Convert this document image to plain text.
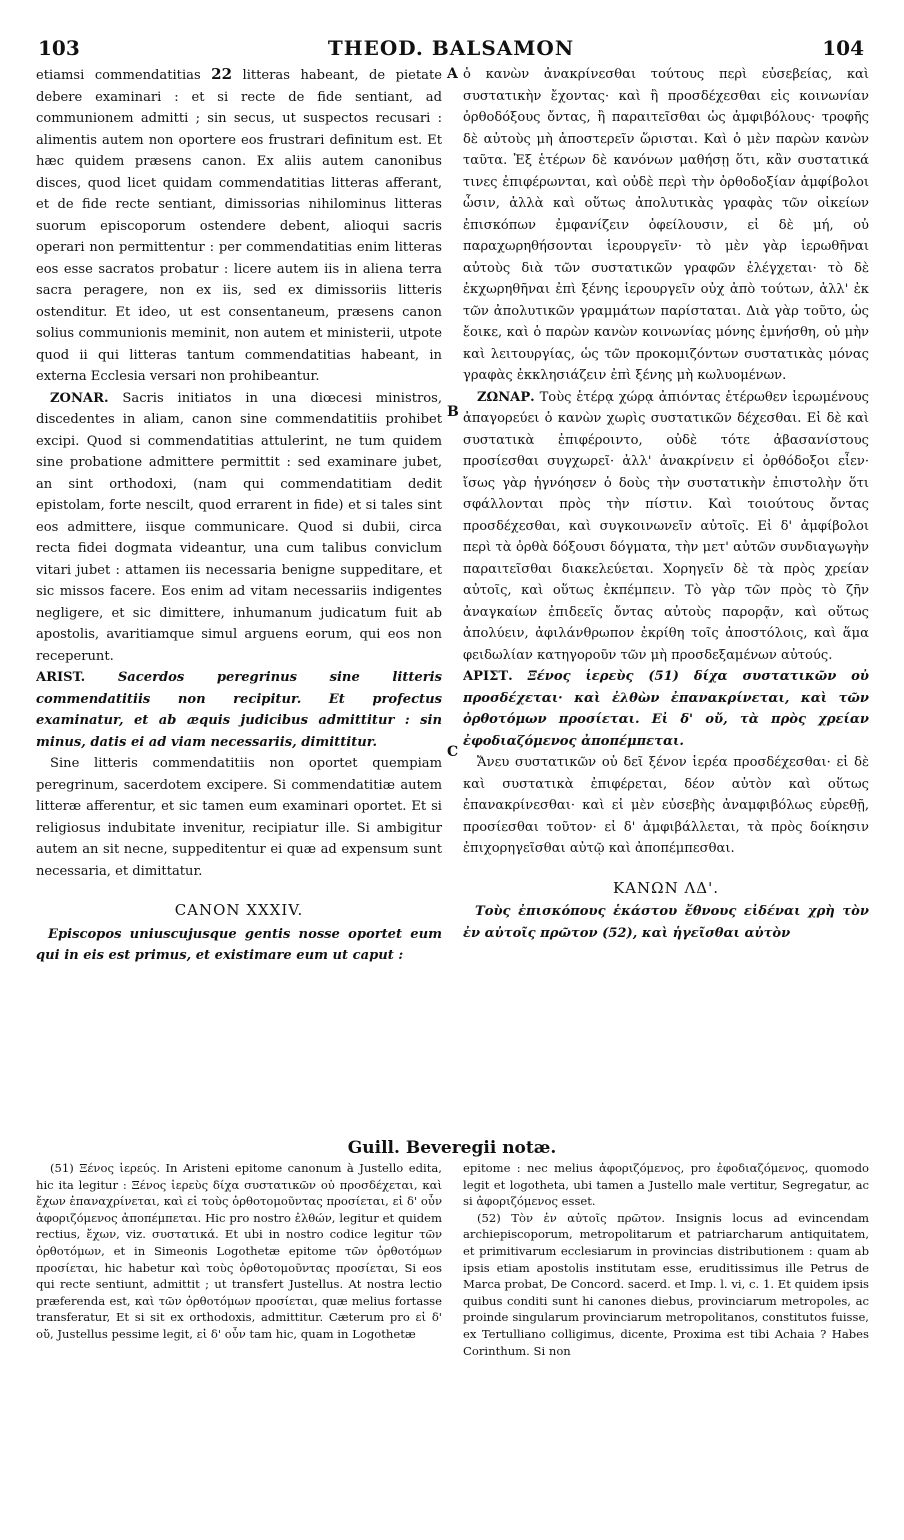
103	THEOD. BALSAMON	104
A
B
C

etiamsi commendatitias 22 litteras habeant, de pietate debere examinari : et si recte de fide sentiant, ad communionem admitti ; sin secus, ut suspectos recusari : alimentis autem non oportere eos frustrari definitum est. Et hæc quidem præsens canon. Ex aliis autem canonibus disces, quod licet quidam commendatitias litteras afferant, et de fide recte sentiant, dimissorias nihilominus litteras suorum episcoporum ostendere debent, alioqui sacris operari non permittentur : per commendatitias enim litteras eos esse sacratos probatur : licere autem iis in aliena terra sacra peragere, non ex iis, sed ex dimissoriis litteris ostenditur. Et ideo, ut est consentaneum, præsens canon solius communionis meminit, non autem et ministerii, utpote quod ii qui litteras tantum commendatitias habeant, in externa Ecclesia versari non prohibeantur.

ZONAR. Sacris initiatos in una diœcesi ministros, discedentes in aliam, canon sine commendatitiis prohibet excipi. Quod si commendatitias attulerint, ne tum quidem sine probatione admittere permittit : sed examinare jubet, an sint orthodoxi, (nam qui commendatitiam dedit epistolam, forte nescilt, quod errarent in fide) et si tales sint eos admittere, iisque communicare. Quod si dubii, circa recta fidei dogmata videantur, una cum talibus conviclum vitari jubet : attamen iis necessaria benigne suppeditare, et sic missos facere. Eos enim ad vitam necessariis indigentes negligere, et sic dimittere, inhumanum judicatum fuit ab apostolis, avaritiamque simul arguens eorum, qui eos non receperunt.

ARIST. Sacerdos peregrinus sine litteris commendatitiis non recipitur. Et profectus examinatur, et ab æquis judicibus admittitur : sin minus, datis ei ad viam necessariis, dimittitur.

Sine litteris commendatitiis non oportet quempiam peregrinum, sacerdotem excipere. Si commendatitiæ autem litteræ afferentur, et sic tamen eum examinari oportet. Et si religiosus indubitate invenitur, recipiatur ille. Si ambigitur autem an sit necne, suppeditentur ei quæ ad expensum sunt necessaria, et dimittatur.

CANON XXXIV.

Episcopos uniuscujusque gentis nosse oportet eum qui in eis est primus, et existimare eum ut caput :

ὁ κανὼν ἀνακρίνεσθαι τούτους περὶ εὐσεβείας, καὶ συστατικὴν ἔχοντας· καὶ ἢ προσδέχεσθαι εἰς κοινωνίαν ὀρθοδόξους ὄντας, ἢ παραιτεῖσθαι ὡς ἀμφιβόλους· τροφῆς δὲ αὐτοὺς μὴ ἀποστερεῖν ὥρισται. Καὶ ὁ μὲν παρὼν κανὼν ταῦτα. Ἐξ ἑτέρων δὲ κανόνων μαθήσῃ ὅτι, κἂν συστατικά τινες ἐπιφέρωνται, καὶ οὐδὲ περὶ τὴν ὀρθοδοξίαν ἀμφίβολοι ὦσιν, ἀλλὰ καὶ οὕτως ἀπολυτικὰς γραφὰς τῶν οἰκείων ἐπισκόπων ἐμφανίζειν ὀφείλουσιν, εἰ δὲ μή, οὐ παραχωρηθήσονται ἱερουργεῖν· τὸ μὲν γὰρ ἱερωθῆναι αὐτοὺς διὰ τῶν συστατικῶν γραφῶν ἐλέγχεται· τὸ δὲ ἐκχωρηθῆναι ἐπὶ ξένης ἱερουργεῖν οὐχ ἀπὸ τούτων, ἀλλ' ἐκ τῶν ἀπολυτικῶν γραμμάτων παρίσταται. Διὰ γὰρ τοῦτο, ὡς ἔοικε, καὶ ὁ παρὼν κανὼν κοινωνίας μόνης ἐμνήσθη, οὐ μὴν καὶ λειτουργίας, ὡς τῶν προκομιζόντων συστατικὰς μόνας γραφὰς ἐκκλησιάζειν ἐπὶ ξένης μὴ κωλυομένων.

ΖΩΝΑΡ. Τοὺς ἑτέρᾳ χώρᾳ ἀπιόντας ἑτέρωθεν ἱερωμένους ἀπαγορεύει ὁ κανὼν χωρὶς συστατικῶν δέχεσθαι. Εἰ δὲ καὶ συστατικὰ ἐπιφέροιντο, οὐδὲ τότε ἀβασανίστους προσίεσθαι συγχωρεῖ· ἀλλ' ἀνακρίνειν εἰ ὀρθόδοξοι εἶεν· ἴσως γὰρ ἠγνόησεν ὁ δοὺς τὴν συστατικὴν ἐπιστολὴν ὅτι σφάλλονται πρὸς τὴν πίστιν. Καὶ τοιούτους ὄντας προσδέχεσθαι, καὶ συγκοινωνεῖν αὐτοῖς. Εἰ δ' ἀμφίβολοι περὶ τὰ ὀρθὰ δόξουσι δόγματα, τὴν μετ' αὐτῶν συνδιαγωγὴν παραιτεῖσθαι διακελεύεται. Χορηγεῖν δὲ τὰ πρὸς χρείαν αὐτοῖς, καὶ οὕτως ἐκπέμπειν. Τὸ γὰρ τῶν πρὸς τὸ ζῆν ἀναγκαίων ἐπιδεεῖς ὄντας αὐτοὺς παρορᾷν, καὶ οὕτως ἀπολύειν, ἀφιλάνθρωπον ἐκρίθη τοῖς ἀποστόλοις, καὶ ἅμα φειδωλίαν κατηγοροῦν τῶν μὴ προσδεξαμένων αὐτούς.

ΑΡΙΣΤ. Ξένος ἱερεὺς (51) δίχα συστατικῶν οὐ προσδέχεται· καὶ ἐλθὼν ἐπανακρίνεται, καὶ τῶν ὀρθοτόμων προσίεται. Εἰ δ' οὔ, τὰ πρὸς χρείαν ἐφοδιαζόμενος ἀποπέμπεται.

Ἄνευ συστατικῶν οὐ δεῖ ξένον ἱερέα προσδέχεσθαι· εἰ δὲ καὶ συστατικὰ ἐπιφέρεται, δέον αὐτὸν καὶ οὕτως ἐπανακρίνεσθαι· καὶ εἰ μὲν εὐσεβὴς ἀναμφιβόλως εὑρεθῇ, προσίεσθαι τοῦτον· εἰ δ' ἀμφιβάλλεται, τὰ πρὸς δοίκησιν ἐπιχορηγεῖσθαι αὐτῷ καὶ ἀποπέμπεσθαι.

ΚΑΝΩΝ ΛΔ'.

Τοὺς ἐπισκόπους ἑκάστου ἔθνους εἰδέναι χρὴ τὸν ἐν αὐτοῖς πρῶτον (52), καὶ ἡγεῖσθαι αὐτὸν

Guill. Beveregii notæ.

(51) Ξένος ἱερεύς. In Aristeni epitome canonum à Justello edita, hic ita legitur : Ξένος ἱερεὺς δίχα συστατικῶν οὐ προσδέχεται, καὶ ἔχων ἐπαναχρίνεται, καὶ εἰ τοὺς ὀρθοτομοῦντας προσίεται, εἰ δ' οὖν ἀφοριζόμενος ἀποπέμπεται. Hic pro nostro ἐλθών, legitur et quidem rectius, ἔχων, viz. συστατικά. Et ubi in nostro codice legitur τῶν ὀρθοτόμων, et in Simeonis Logothetæ epitome τῶν ὀρθοτόμων προσίεται, hic habetur καὶ τοὺς ὀρθοτομοῦντας προσίεται, Si eos qui recte sentiunt, admittit ; ut transfert Justellus. At nostra lectio præferenda est, καὶ τῶν ὀρθοτόμων προσίεται, quæ melius fortasse transferatur, Et si sit ex orthodoxis, admittitur. Cæterum pro εἰ δ' οὔ, Justellus pessime legit, εἰ δ' οὖν tam hic, quam in Logothetæ

epitome : nec melius ἀφοριζόμενος, pro ἐφοδιαζόμενος, quomodo legit et logotheta, ubi tamen a Justello male vertitur, Segregatur, ac si ἀφοριζόμενος esset.

(52) Τὸν ἐν αὐτοῖς πρῶτον. Insignis locus ad evincendam archiepiscoporum, metropolitarum et patriarcharum antiquitatem, et primitivarum ecclesiarum in provincias distributionem : quam ab ipsis etiam apostolis institutam esse, eruditissimus ille Petrus de Marca probat, De Concord. sacerd. et Imp. l. vi, c. 1. Et quidem ipsis quibus conditi sunt hi canones diebus, provinciarum metropoles, ac proinde singularum provinciarum metropolitanos, constitutos fuisse, ex Tertulliano colligimus, dicente, Proxima est tibi Achaia ? Habes Corinthum. Si non
